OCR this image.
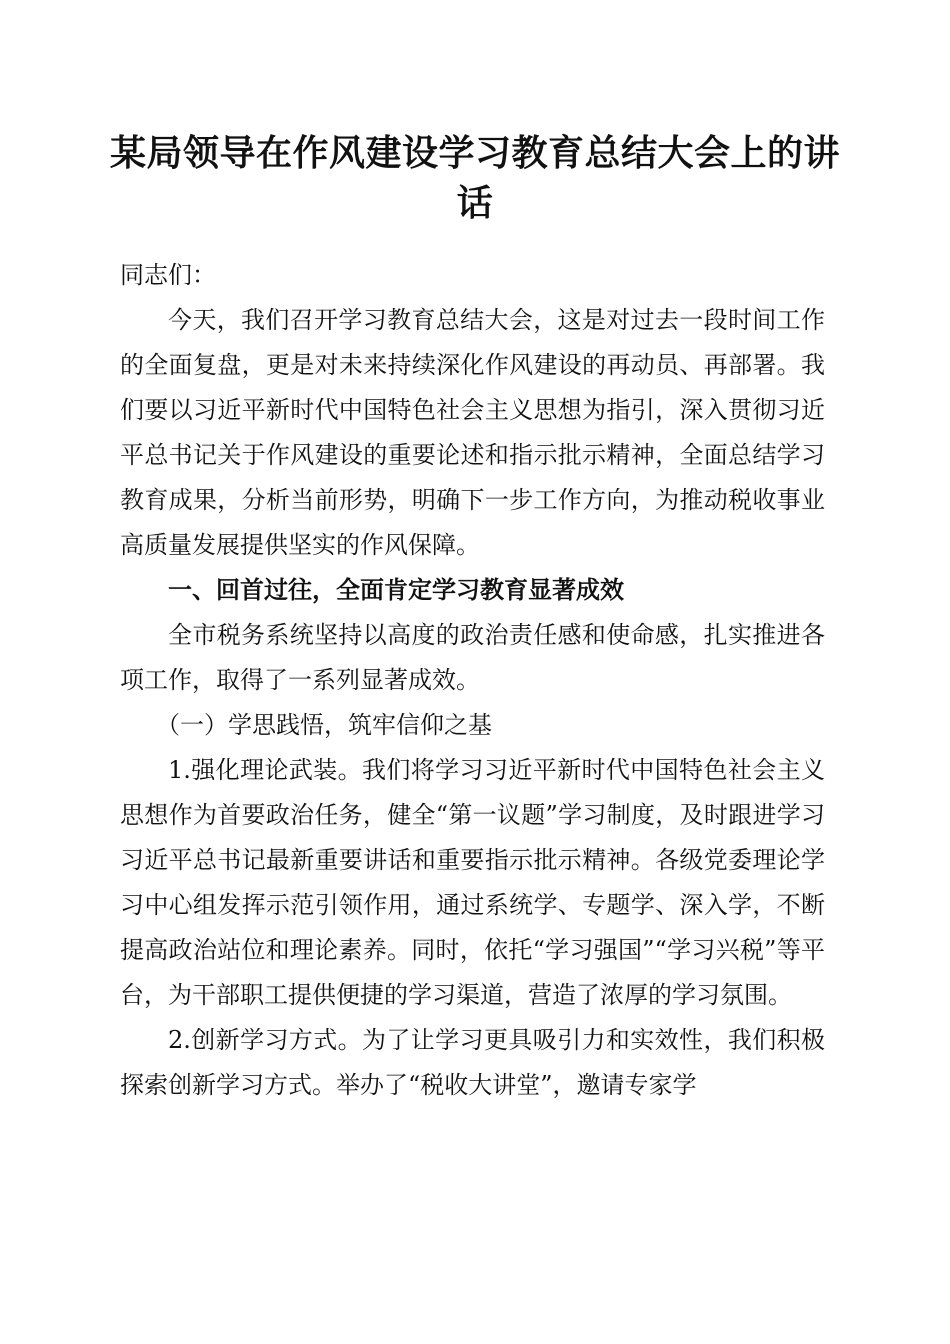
某局领导在作风建设学习教育总结大会上的讲话

同志们：

今天，我们召开学习教育总结大会，这是对过去一段时间工作的全面复盘，更是对未来持续深化作风建设的再动员、再部署。我们要以习近平新时代中国特色社会主义思想为指引，深入贯彻习近平总书记关于作风建设的重要论述和指示批示精神，全面总结学习教育成果，分析当前形势，明确下一步工作方向，为推动税收事业高质量发展提供坚实的作风保障。

一、回首过往，全面肯定学习教育显著成效

全市税务系统坚持以高度的政治责任感和使命感，扎实推进各项工作，取得了一系列显著成效。

（一）学思践悟，筑牢信仰之基

1.强化理论武装。我们将学习习近平新时代中国特色社会主义思想作为首要政治任务，健全“第一议题”学习制度，及时跟进学习习近平总书记最新重要讲话和重要指示批示精神。各级党委理论学习中心组发挥示范引领作用，通过系统学、专题学、深入学，不断提高政治站位和理论素养。同时，依托“学习强国”“学习兴税”等平台，为干部职工提供便捷的学习渠道，营造了浓厚的学习氛围。

2.创新学习方式。为了让学习更具吸引力和实效性，我们积极探索创新学习方式。举办了“税收大讲堂”，邀请专家学
